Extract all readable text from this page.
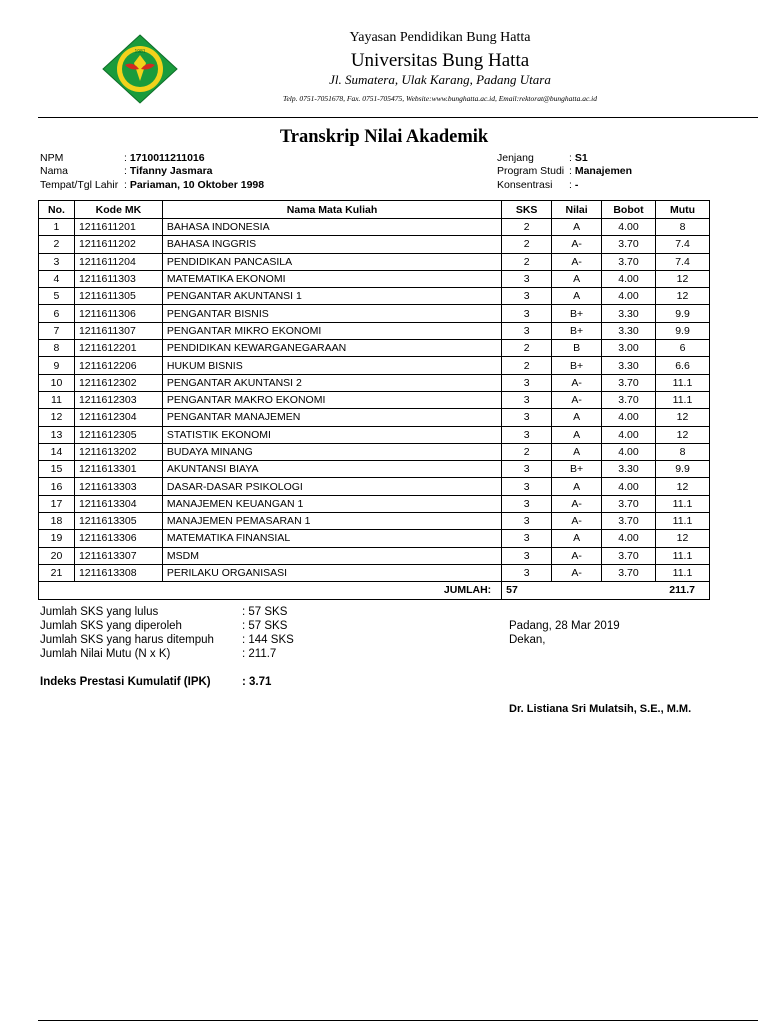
1981
Yayasan Pendidikan Bung Hatta
Universitas Bung Hatta
Jl. Sumatera, Ulak Karang, Padang Utara
Telp. 0751-7051678, Fax. 0751-705475, Website:www.bunghatta.ac.id, Email:rektorat@bunghatta.ac.id
Transkrip Nilai Akademik
NPM	: 1710011211016
Nama	: Tifanny Jasmara
Tempat/Tgl Lahir : Pariaman, 10 Oktober 1998
Jenjang	: S1
Program Studi : Manajemen
Konsentrasi : -
No.	Kode MK	Nama Mata Kuliah	SKS	Nilai	Bobot	Mutu
1	1211611201	BAHASA INDONESIA	2	A	4.00	8
2	1211611202	BAHASA INGGRIS	2	A-	3.70	7.4
3	1211611204	PENDIDIKAN PANCASILA	2	A-	3.70	7.4
4	1211611303	MATEMATIKA EKONOMI	3	A	4.00	12
5	1211611305	PENGANTAR AKUNTANSI 1	3	A	4.00	12
6	1211611306	PENGANTAR BISNIS	3	B+	3.30	9.9
7	1211611307	PENGANTAR MIKRO EKONOMI	3	B+	3.30	9.9
8	1211612201	PENDIDIKAN KEWARGANEGARAAN	2	B	3.00	6
9	1211612206	HUKUM BISNIS	2	B+	3.30	6.6
10	1211612302	PENGANTAR AKUNTANSI 2	3	A-	3.70	11.1
11	1211612303	PENGANTAR MAKRO EKONOMI	3	A-	3.70	11.1
12	1211612304	PENGANTAR MANAJEMEN	3	A	4.00	12
13	1211612305	STATISTIK EKONOMI	3	A	4.00	12
14	1211613202	BUDAYA MINANG	2	A	4.00	8
15	1211613301	AKUNTANSI BIAYA	3	B+	3.30	9.9
16	1211613303	DASAR-DASAR PSIKOLOGI	3	A	4.00	12
17	1211613304	MANAJEMEN KEUANGAN 1	3	A-	3.70	11.1
18	1211613305	MANAJEMEN PEMASARAN 1	3	A-	3.70	11.1
19	1211613306	MATEMATIKA FINANSIAL	3	A	4.00	12
20	1211613307	MSDM	3	A-	3.70	11.1
21	1211613308	PERILAKU ORGANISASI	3	A-	3.70	11.1
JUMLAH:			57			211.7
Jumlah SKS yang lulus	: 57 SKS
Jumlah SKS yang diperoleh	: 57 SKS
Jumlah SKS yang harus ditempuh : 144 SKS
Jumlah Nilai Mutu (N x K)	: 211.7
Indeks Prestasi Kumulatif (IPK)	: 3.71
Padang, 28 Mar 2019
Dekan,
Dr. Listiana Sri Mulatsih, S.E., M.M.
